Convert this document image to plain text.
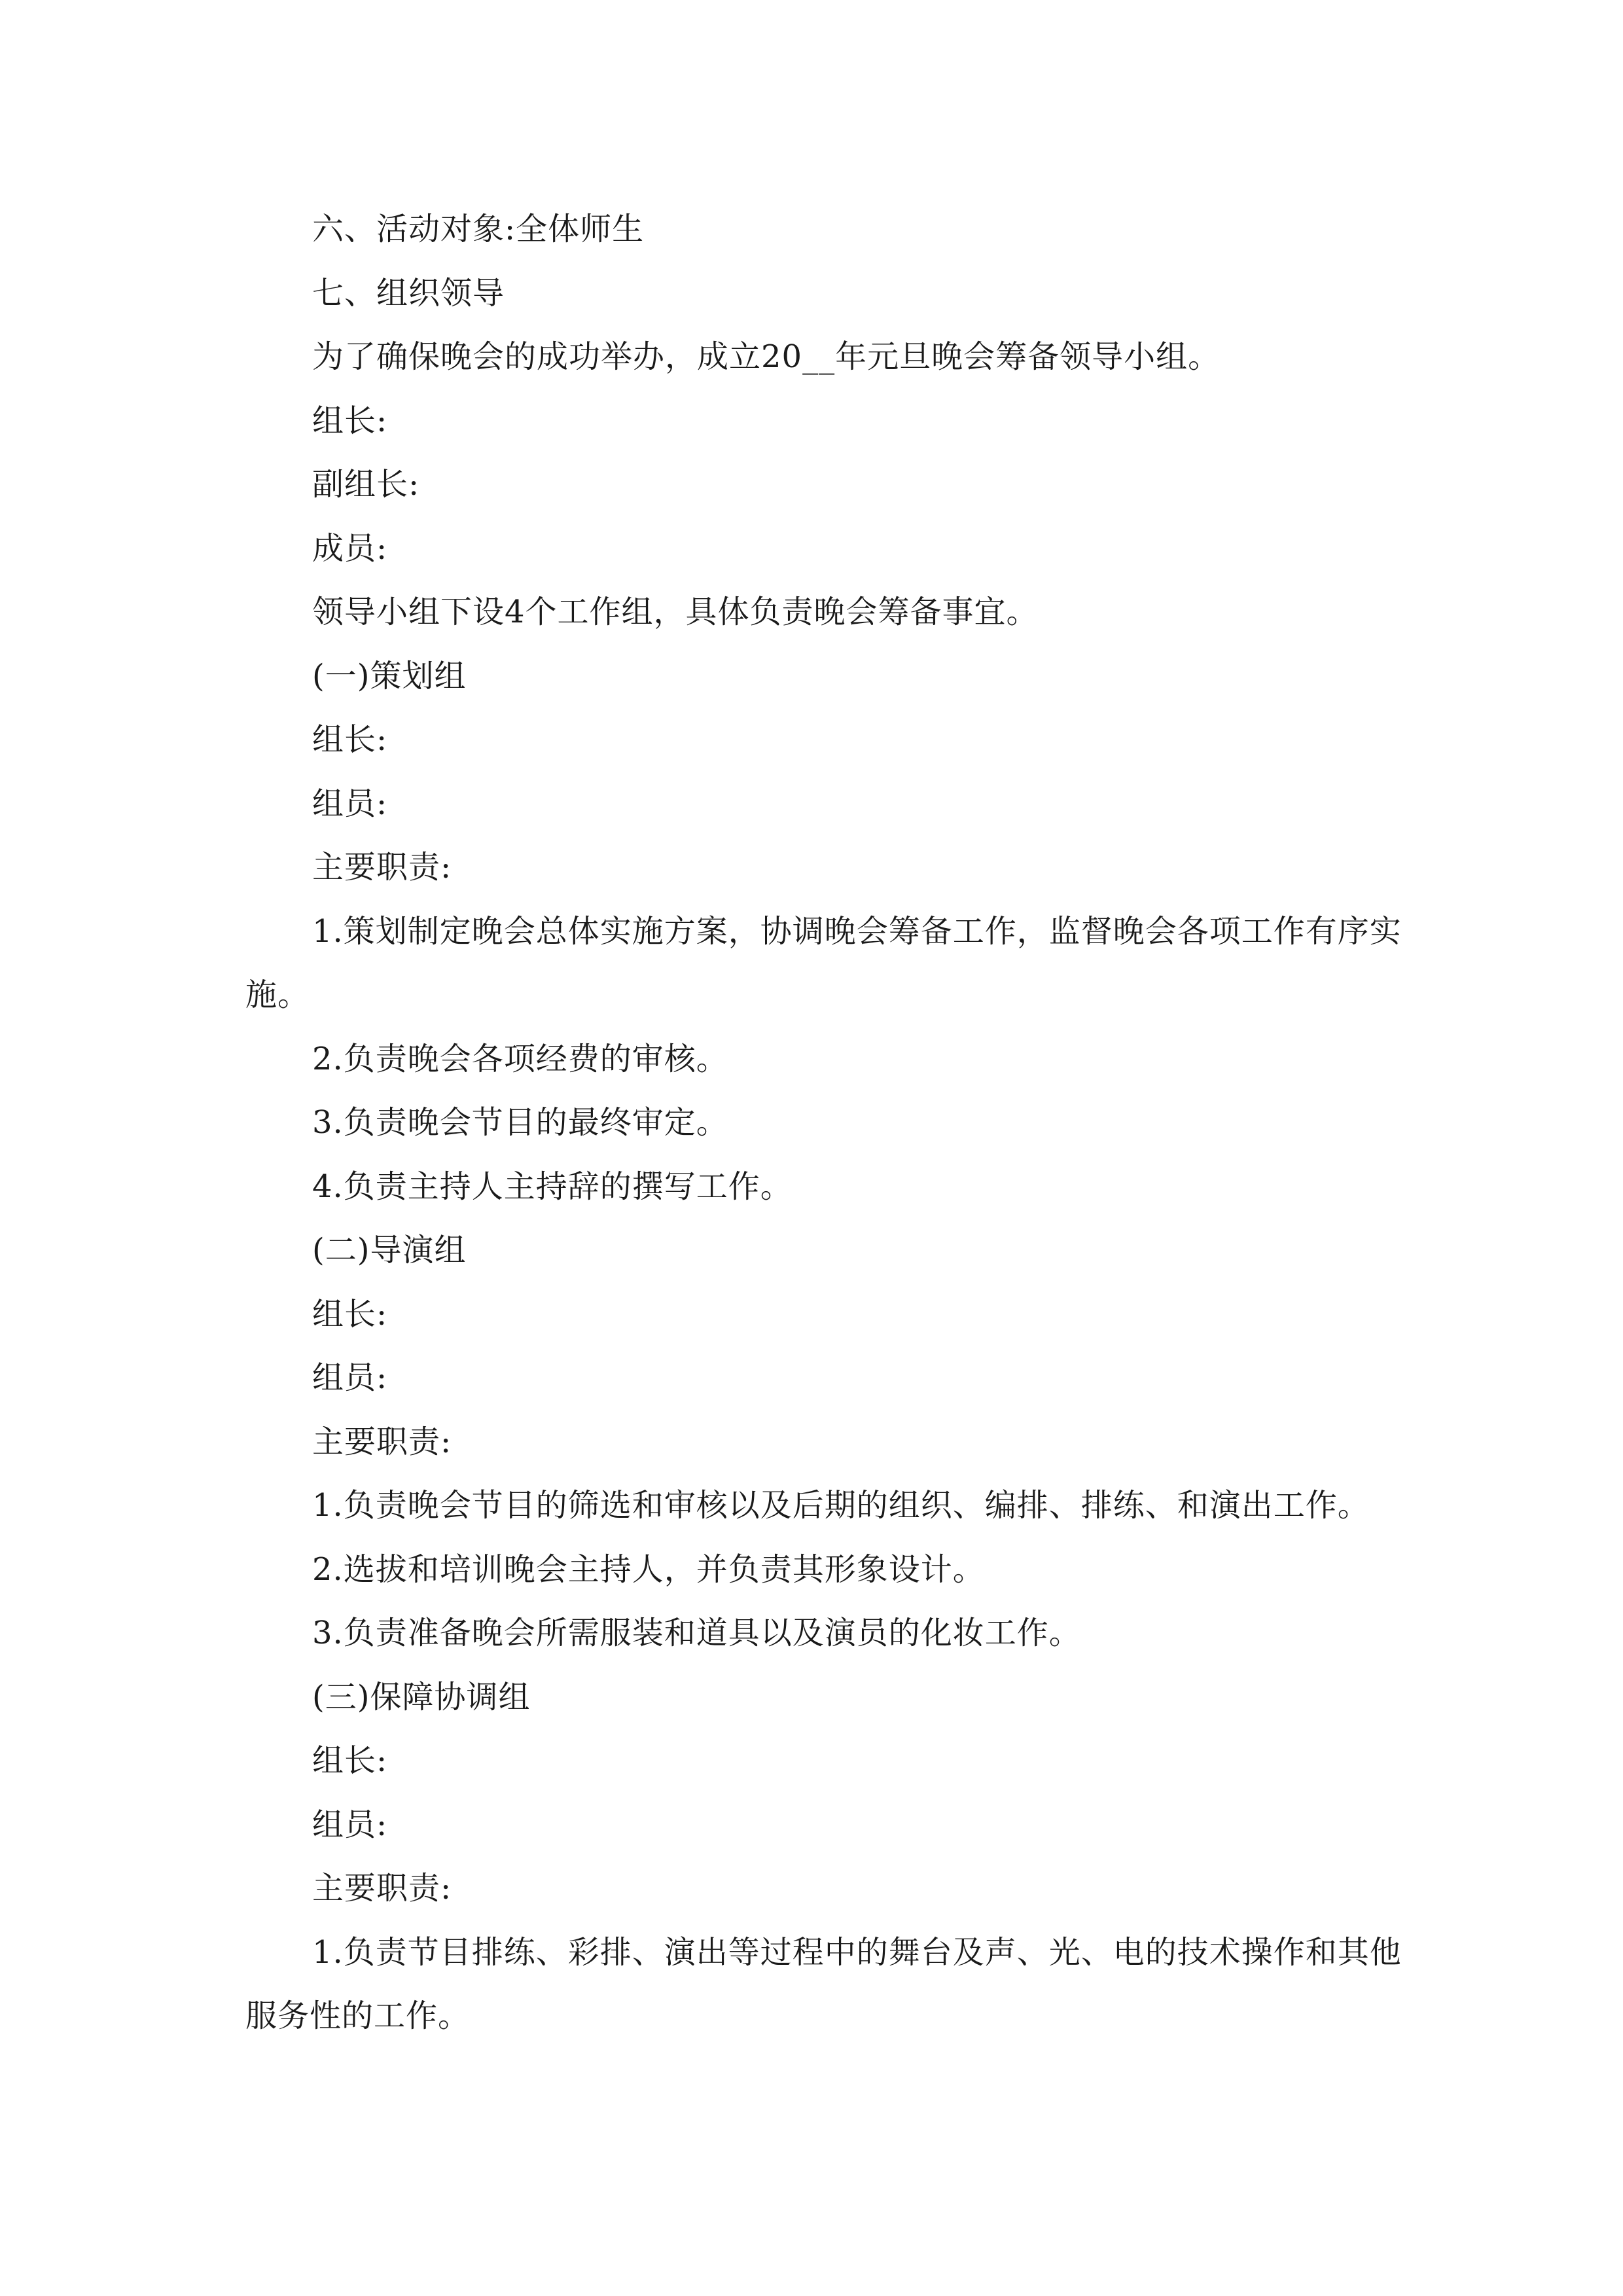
六、活动对象:全体师生

七、组织领导

为了确保晚会的成功举办，成立20__年元旦晚会筹备领导小组。

组长:

副组长:

成员:

领导小组下设4个工作组，具体负责晚会筹备事宜。

(一)策划组

组长:

组员:

主要职责:

1.策划制定晚会总体实施方案，协调晚会筹备工作，监督晚会各项工作有序实施。

2.负责晚会各项经费的审核。

3.负责晚会节目的最终审定。

4.负责主持人主持辞的撰写工作。

(二)导演组

组长:

组员:

主要职责:

1.负责晚会节目的筛选和审核以及后期的组织、编排、排练、和演出工作。

2.选拔和培训晚会主持人，并负责其形象设计。

3.负责准备晚会所需服装和道具以及演员的化妆工作。

(三)保障协调组

组长:

组员:

主要职责:

1.负责节目排练、彩排、演出等过程中的舞台及声、光、电的技术操作和其他服务性的工作。
